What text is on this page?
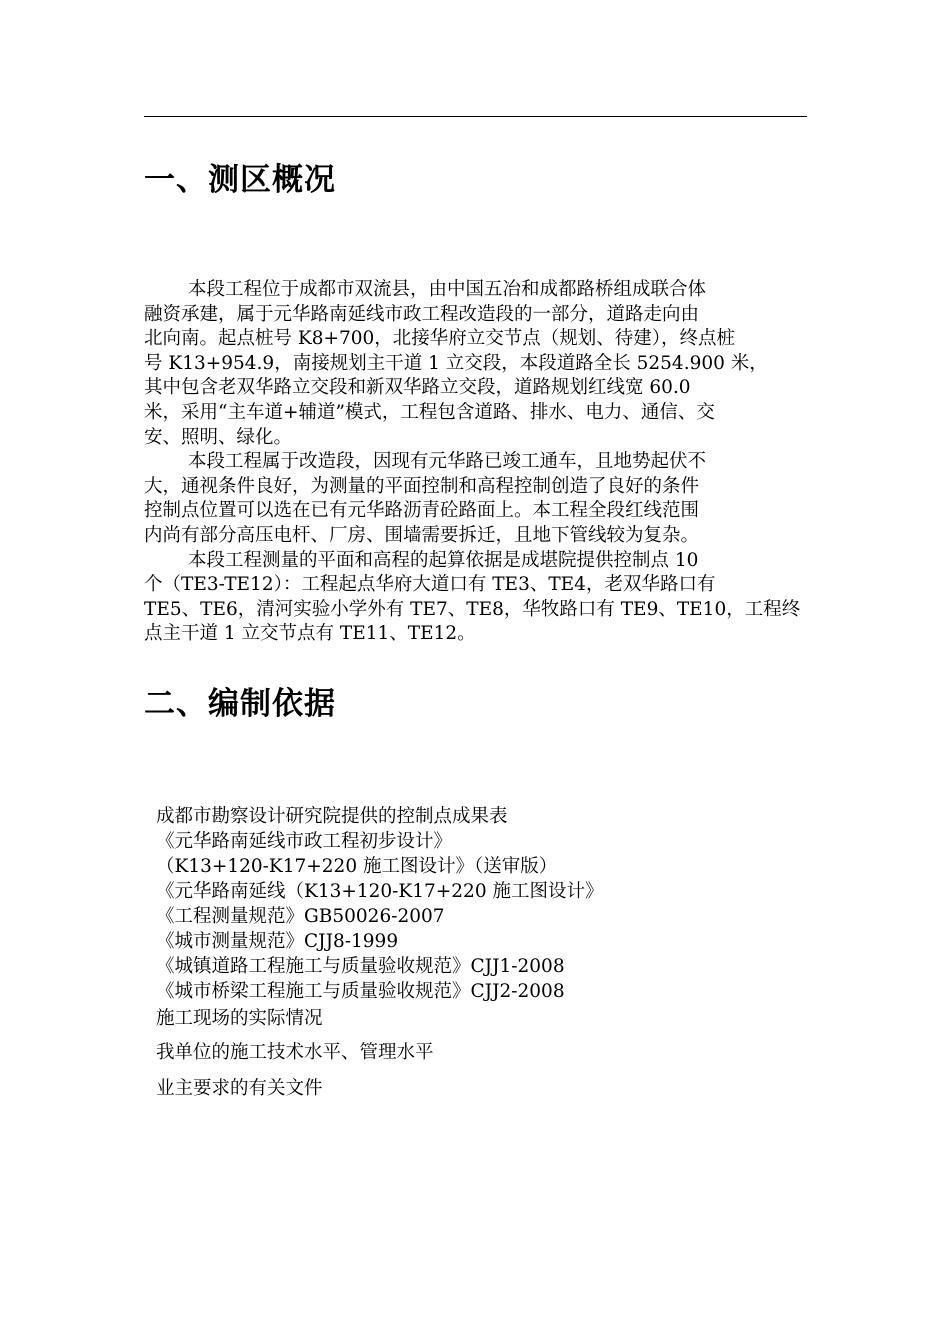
一、测区概况
本段工程位于成都市双流县，由中国五冶和成都路桥组成联合体
融资承建，属于元华路南延线市政工程改造段的一部分，道路走向由
北向南。起点桩号 K8+700，北接华府立交节点（规划、待建），终点桩
号 K13+954.9，南接规划主干道 1 立交段，本段道路全长 5254.900 米，
其中包含老双华路立交段和新双华路立交段，道路规划红线宽 60.0
米，采用“主车道+辅道”模式，工程包含道路、排水、电力、通信、交
安、照明、绿化。
本段工程属于改造段，因现有元华路已竣工通车，且地势起伏不
大，通视条件良好，为测量的平面控制和高程控制创造了良好的条件
控制点位置可以选在已有元华路沥青砼路面上。本工程全段红线范围
内尚有部分高压电杆、厂房、围墙需要拆迁，且地下管线较为复杂。
本段工程测量的平面和高程的起算依据是成堪院提供控制点 10
个（TE3-TE12）：工程起点华府大道口有 TE3、TE4，老双华路口有
TE5、TE6，清河实验小学外有 TE7、TE8，华牧路口有 TE9、TE10，工程终
点主干道 1 立交节点有 TE11、TE12。
二、编制依据
成都市勘察设计研究院提供的控制点成果表
《元华路南延线市政工程初步设计》
（K13+120-K17+220 施工图设计》（送审版）
《元华路南延线（K13+120-K17+220 施工图设计》
《工程测量规范》GB50026-2007
《城市测量规范》CJJ8-1999
《城镇道路工程施工与质量验收规范》CJJ1-2008
《城市桥梁工程施工与质量验收规范》CJJ2-2008
施工现场的实际情况
我单位的施工技术水平、管理水平
业主要求的有关文件
